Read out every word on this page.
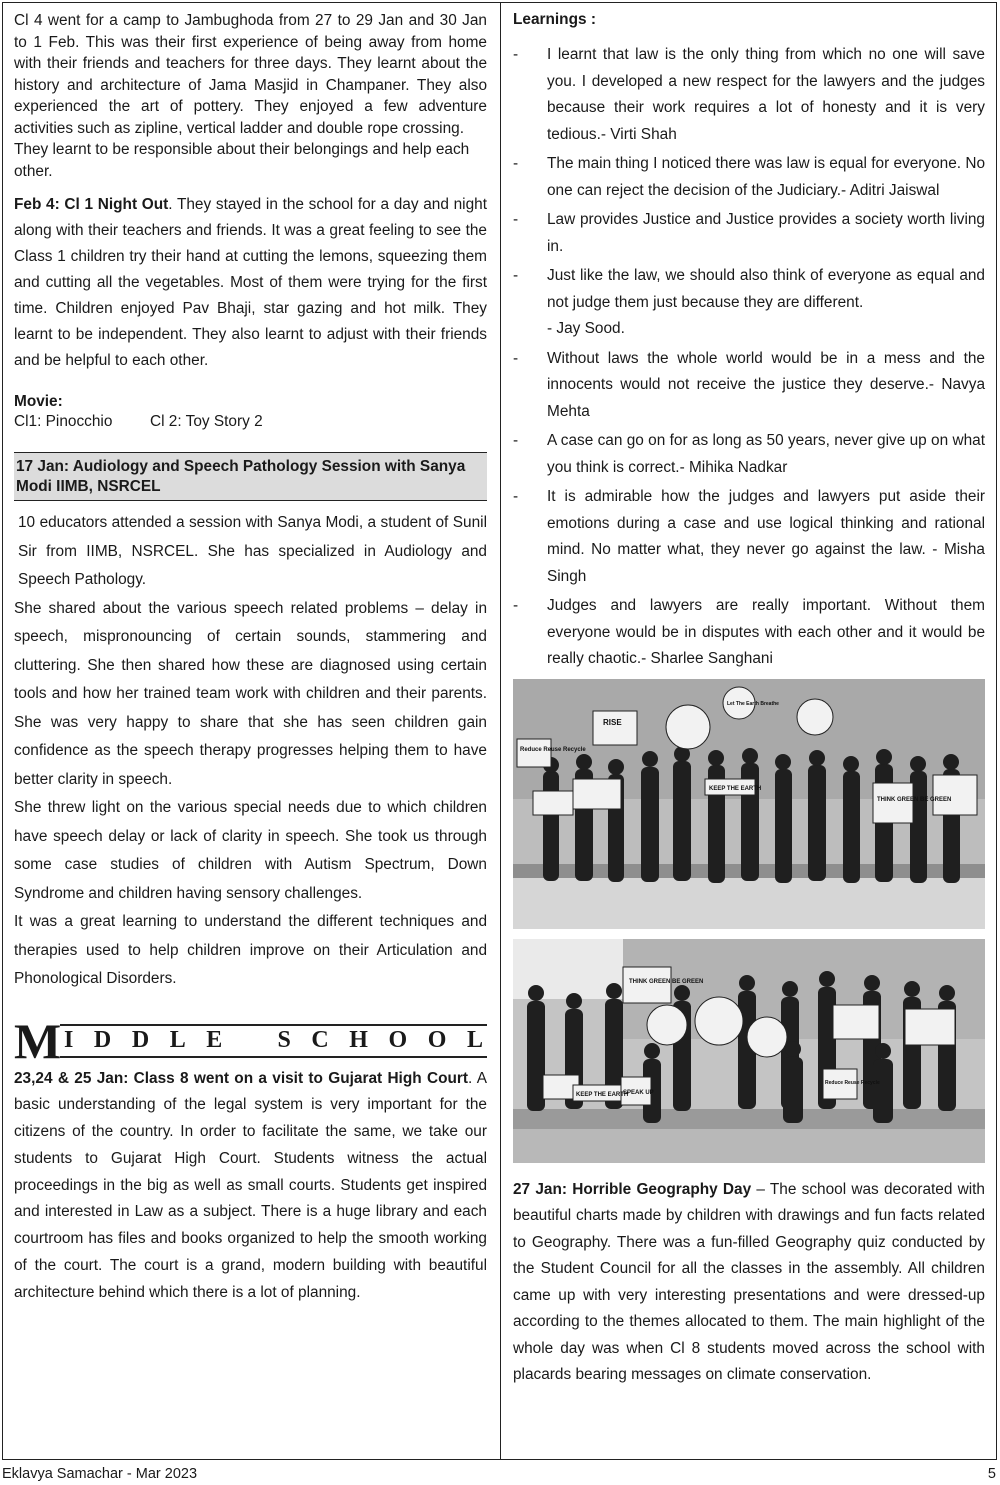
Cl 4 went for a camp to Jambughoda from 27 to 29 Jan and 30 Jan to 1 Feb. This was their first experience of being away from home with their friends and teachers for three days. They learnt about the history and architecture of Jama Masjid in Champaner. They also experienced the art of pottery. They enjoyed a few adventure activities such as zipline, vertical ladder and double rope crossing.

They learnt to be responsible about their belongings and help each other.

Feb 4: Cl 1 Night Out. They stayed in the school for a day and night along with their teachers and friends. It was a great feeling to see the Class 1 children try their hand at cutting the lemons, squeezing them and cutting all the vegetables. Most of them were trying for the first time. Children enjoyed Pav Bhaji, star gazing and hot milk. They learnt to be independent. They also learnt to adjust with their friends and be helpful to each other.

Movie:
Cl1: Pinocchio Cl 2: Toy Story 2
17 Jan: Audiology and Speech Pathology Session with Sanya Modi IIMB, NSRCEL

10 educators attended a session with Sanya Modi, a student of Sunil Sir from IIMB, NSRCEL. She has specialized in Audiology and Speech Pathology.

She shared about the various speech related problems – delay in speech, mispronouncing of certain sounds, stammering and cluttering. She then shared how these are diagnosed using certain tools and how her trained team work with children and their parents. She was very happy to share that she has seen children gain confidence as the speech therapy progresses helping them to have better clarity in speech.

She threw light on the various special needs due to which children have speech delay or lack of clarity in speech. She took us through some case studies of children with Autism Spectrum, Down Syndrome and children having sensory challenges.

It was a great learning to understand the different techniques and therapies used to help children improve on their Articulation and Phonological Disorders.

M I D D L E S C H O O L

23,24 & 25 Jan: Class 8 went on a visit to Gujarat High Court. A basic understanding of the legal system is very important for the citizens of the country. In order to facilitate the same, we take our students to Gujarat High Court. Students witness the actual proceedings in the big as well as small courts. Students get inspired and interested in Law as a subject. There is a huge library and each courtroom has files and books organized to help the smooth working of the court. The court is a grand, modern building with beautiful architecture behind which there is a lot of planning.

Learnings :
- I learnt that law is the only thing from which no one will save you. I developed a new respect for the lawyers and the judges because their work requires a lot of honesty and it is very tedious.- Virti Shah
- The main thing I noticed there was law is equal for everyone. No one can reject the decision of the Judiciary.- Aditri Jaiswal
- Law provides Justice and Justice provides a society worth living in.
- Just like the law, we should also think of everyone as equal and not judge them just because they are different.
- Jay Sood.
- Without laws the whole world would be in a mess and the innocents would not receive the justice they deserve.- Navya Mehta
- A case can go on for as long as 50 years, never give up on what you think is correct.- Mihika Nadkar
- It is admirable how the judges and lawyers put aside their emotions during a case and use logical thinking and rational mind. No matter what, they never go against the law. - Misha Singh
- Judges and lawyers are really important. Without them everyone would be in disputes with each other and it would be really chaotic.- Sharlee Sanghani
RISE
Reduce Reuse Recycle
KEEP THE EARTH
THINK GREEN BE GREEN
Let The Earth Breathe
THINK GREEN BE GREEN
KEEP THE EARTH
SPEAK UP
Reduce Reuse Recycle

27 Jan: Horrible Geography Day – The school was decorated with beautiful charts made by children with drawings and fun facts related to Geography. There was a fun-filled Geography quiz conducted by the Student Council for all the classes in the assembly. All children came up with very interesting presentations and were dressed-up according to the themes allocated to them. The main highlight of the whole day was when Cl 8 students moved across the school with placards bearing messages on climate conservation.

Eklavya Samachar - Mar 2023	5
